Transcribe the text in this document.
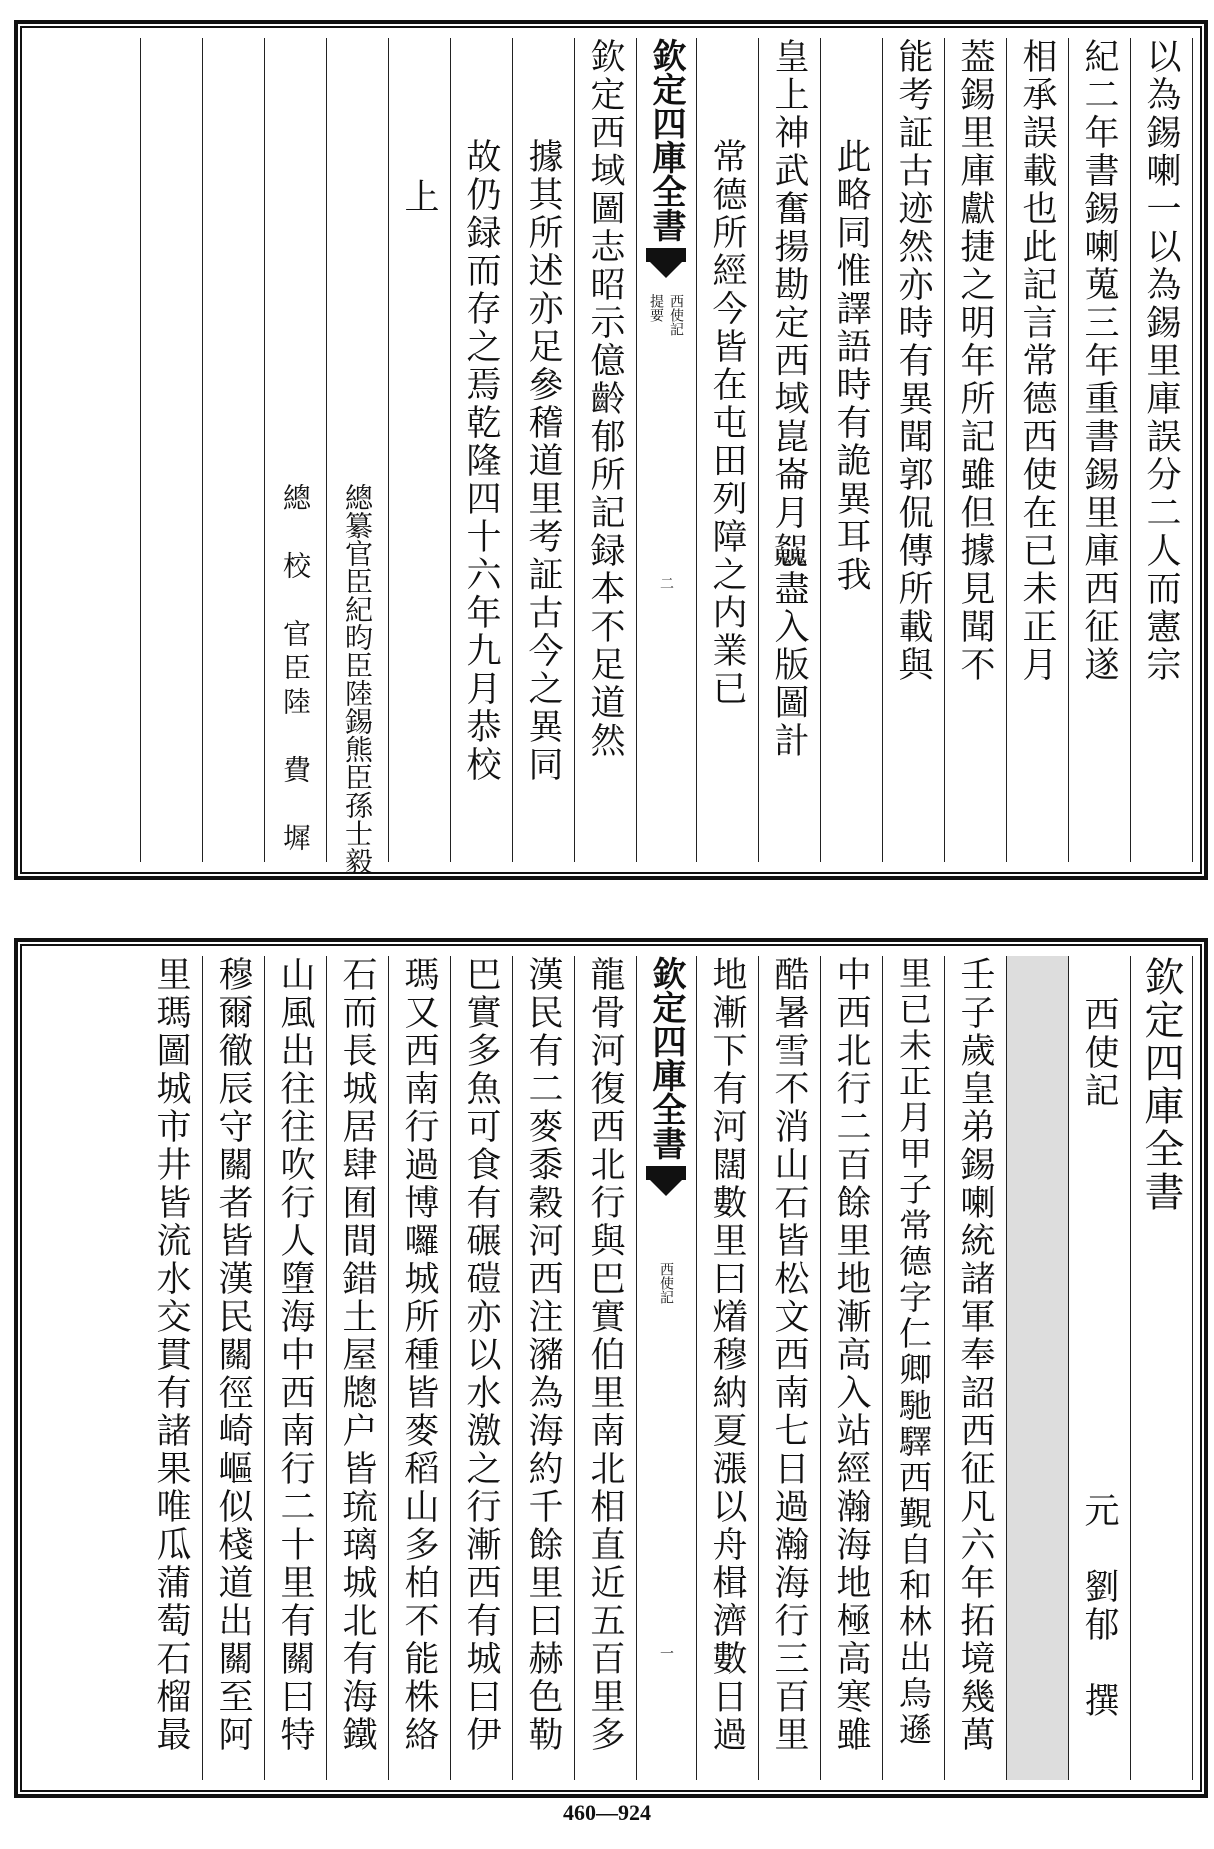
以為錫喇一以為錫里庫誤分二人而憲宗
紀二年書錫喇蒐三年重書錫里庫西征遂
相承誤載也此記言常德西使在已未正月
葢錫里庫獻捷之明年所記雖但據見聞不
能考証古迹然亦時有異聞郭侃傳所載與
此略同惟譯語時有詭異耳我
皇上神武奮揚勘定西域崑崙月𩴿盡入版圖計
常德所經今皆在屯田列障之内業已
欽定四庫全書
西使記
提要
二
欽定西域圖志昭示億齡郁所記録本不足道然
據其所述亦足參稽道里考証古今之異同
故仍録而存之焉乾隆四十六年九月恭校
上
總纂官臣紀昀臣陸錫熊臣孫士毅
總　校　官臣陸　費　墀
欽定四庫全書
西使記
元　劉郁　撰
壬子歲皇弟錫喇統諸軍奉詔西征凡六年拓境幾萬
里已未正月甲子常德字仁卿馳驛西覲自和林出烏遜
中西北行二百餘里地漸高入站經瀚海地極高寒雖
酷暑雪不消山石皆松文西南七日過瀚海行三百里
地漸下有河闊數里曰𤏲穆納夏漲以舟楫濟數日過
欽定四庫全書
西使記
一
龍骨河復西北行與巴實伯里南北相直近五百里多
漢民有二麥黍穀河西注瀦為海約千餘里曰赫色勒
巴實多魚可食有碾磑亦以水激之行漸西有城曰伊
瑪又西南行過博囉城所種皆麥稻山多柏不能株絡
石而長城居肆囿間錯土屋牕户皆琉璃城北有海鐵
山風出往往吹行人墮海中西南行二十里有關曰特
穆爾徹辰守關者皆漢民關徑崎嶇似棧道出關至阿
里瑪圖城市井皆流水交貫有諸果唯瓜蒲萄石榴最
460—924
